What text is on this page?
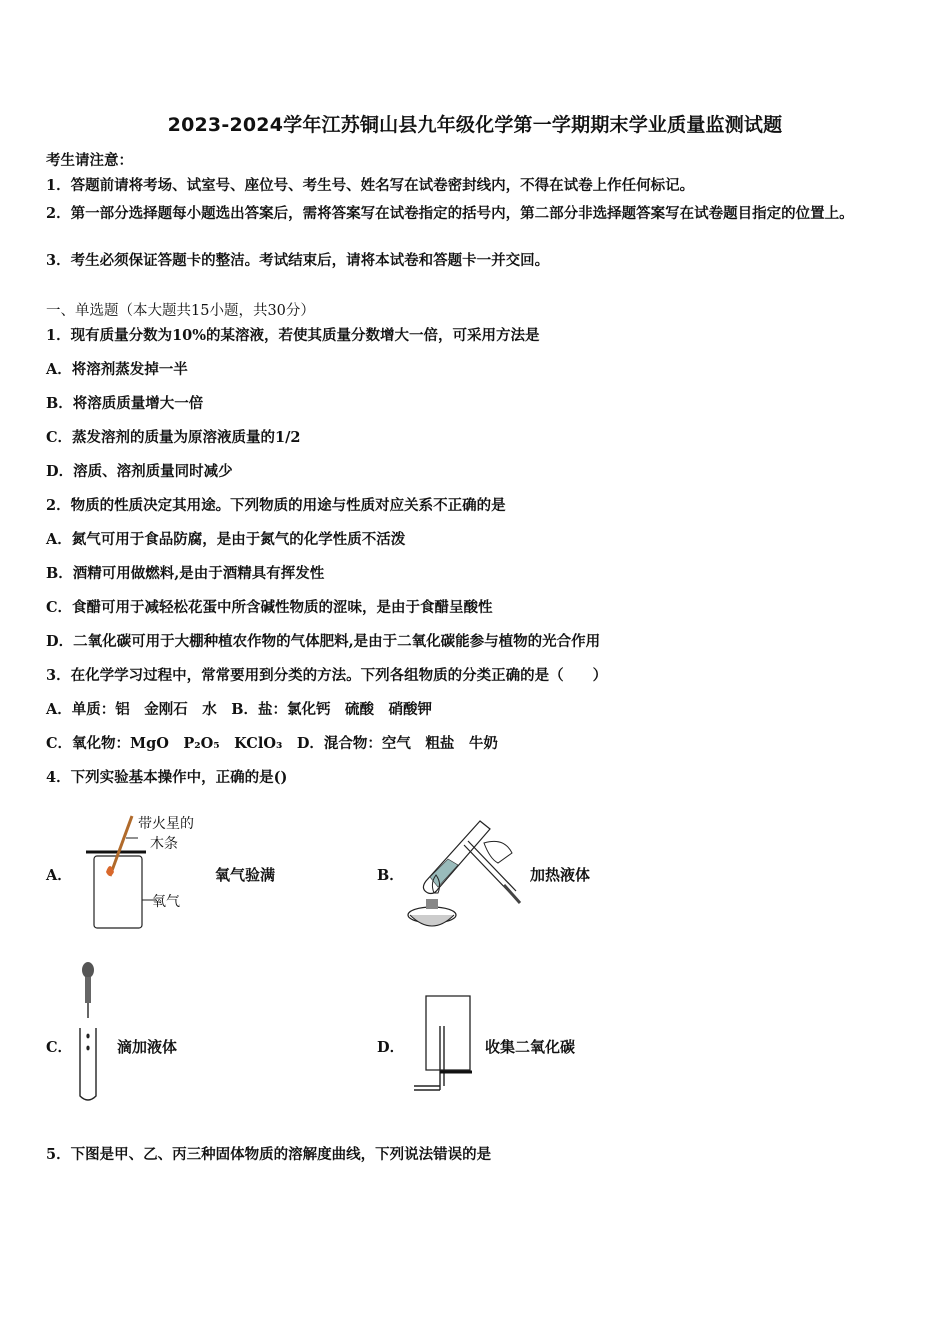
2023-2024学年江苏铜山县九年级化学第一学期期末学业质量监测试题
考生请注意：
1．答题前请将考场、试室号、座位号、考生号、姓名写在试卷密封线内，不得在试卷上作任何标记。
2．第一部分选择题每小题选出答案后，需将答案写在试卷指定的括号内，第二部分非选择题答案写在试卷题目指定的位置上。
3．考生必须保证答题卡的整洁。考试结束后，请将本试卷和答题卡一并交回。
一、单选题（本大题共15小题，共30分）
1．现有质量分数为10%的某溶液，若使其质量分数增大一倍，可采用方法是
A．将溶剂蒸发掉一半
B．将溶质质量增大一倍
C．蒸发溶剂的质量为原溶液质量的1/2
D．溶质、溶剂质量同时减少
2．物质的性质决定其用途。下列物质的用途与性质对应关系不正确的是
A．氮气可用于食品防腐，是由于氮气的化学性质不活泼
B．酒精可用做燃料,是由于酒精具有挥发性
C．食醋可用于减轻松花蛋中所含碱性物质的涩味，是由于食醋呈酸性
D．二氧化碳可用于大棚种植农作物的气体肥料,是由于二氧化碳能参与植物的光合作用
3．在化学学习过程中，常常要用到分类的方法。下列各组物质的分类正确的是（　　）
A．单质：铝　金刚石　水　B．盐：氯化钙　硫酸　硝酸钾
C．氧化物：MgO　P₂O₅　KClO₃　D．混合物：空气　粗盐　牛奶
4．下列实验基本操作中，正确的是()
A．
带火星的
木条
氧气
氧气验满	B．	加热液体
C．	滴加液体	D．	收集二氧化碳
5．下图是甲、乙、丙三种固体物质的溶解度曲线，下列说法错误的是
